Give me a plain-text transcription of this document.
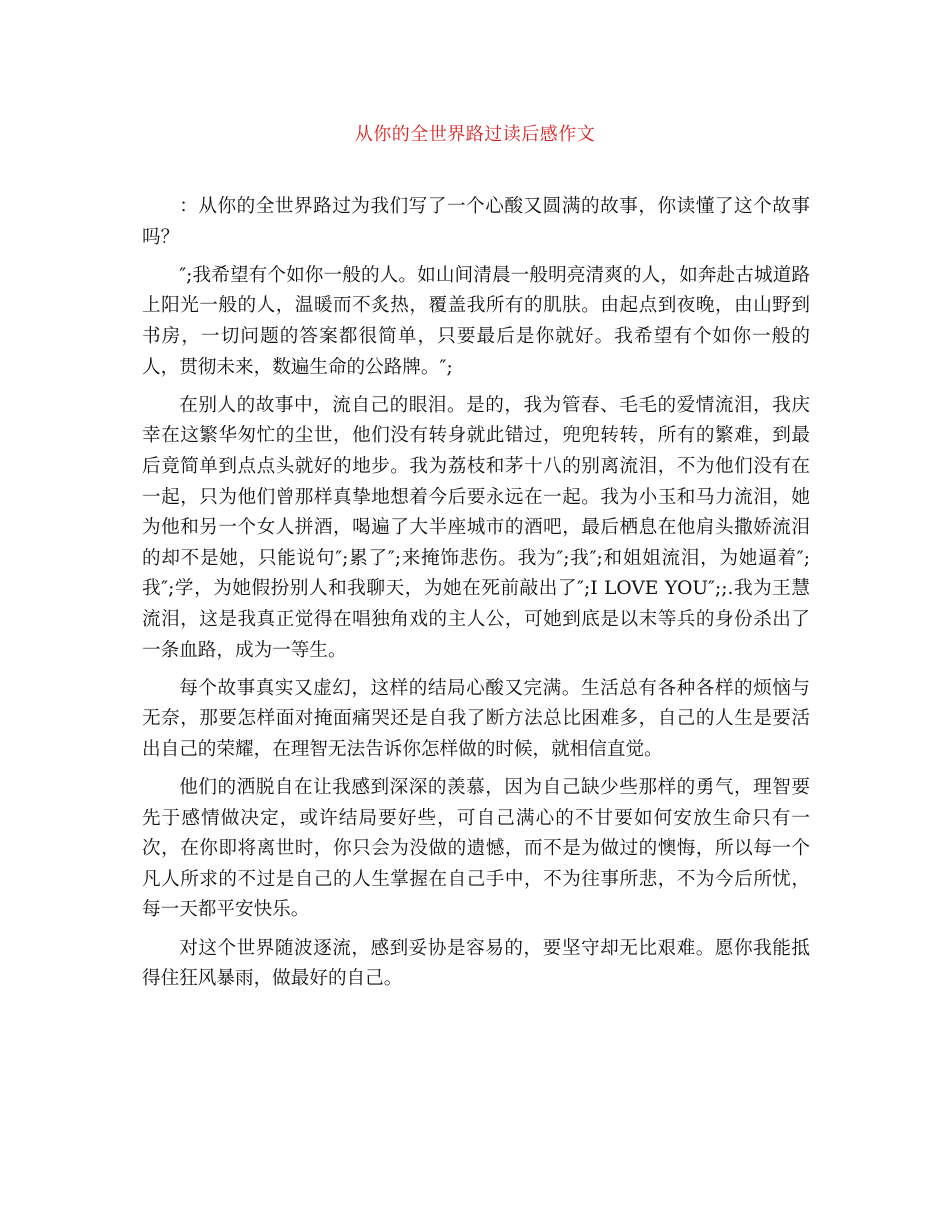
从你的全世界路过读后感作文

：从你的全世界路过为我们写了一个心酸又圆满的故事，你读懂了这个故事吗？

″;我希望有个如你一般的人。如山间清晨一般明亮清爽的人，如奔赴古城道路上阳光一般的人，温暖而不炙热，覆盖我所有的肌肤。由起点到夜晚，由山野到书房，一切问题的答案都很简单，只要最后是你就好。我希望有个如你一般的人，贯彻未来，数遍生命的公路牌。″;

在别人的故事中，流自己的眼泪。是的，我为管春、毛毛的爱情流泪，我庆幸在这繁华匆忙的尘世，他们没有转身就此错过，兜兜转转，所有的繁难，到最后竟简单到点点头就好的地步。我为荔枝和茅十八的别离流泪，不为他们没有在一起，只为他们曾那样真挚地想着今后要永远在一起。我为小玉和马力流泪，她为他和另一个女人拼酒，喝遍了大半座城市的酒吧，最后栖息在他肩头撒娇流泪的却不是她，只能说句″;累了″;来掩饰悲伤。我为″;我″;和姐姐流泪，为她逼着″;我″;学，为她假扮别人和我聊天，为她在死前敲出了″;I LOVE YOU″;;.我为王慧流泪，这是我真正觉得在唱独角戏的主人公，可她到底是以末等兵的身份杀出了一条血路，成为一等生。

每个故事真实又虚幻，这样的结局心酸又完满。生活总有各种各样的烦恼与无奈，那要怎样面对掩面痛哭还是自我了断方法总比困难多，自己的人生是要活出自己的荣耀，在理智无法告诉你怎样做的时候，就相信直觉。

他们的洒脱自在让我感到深深的羡慕，因为自己缺少些那样的勇气，理智要先于感情做决定，或许结局要好些，可自己满心的不甘要如何安放生命只有一次，在你即将离世时，你只会为没做的遗憾，而不是为做过的懊悔，所以每一个凡人所求的不过是自己的人生掌握在自己手中，不为往事所悲，不为今后所忧，每一天都平安快乐。

对这个世界随波逐流，感到妥协是容易的，要坚守却无比艰难。愿你我能抵得住狂风暴雨，做最好的自己。
